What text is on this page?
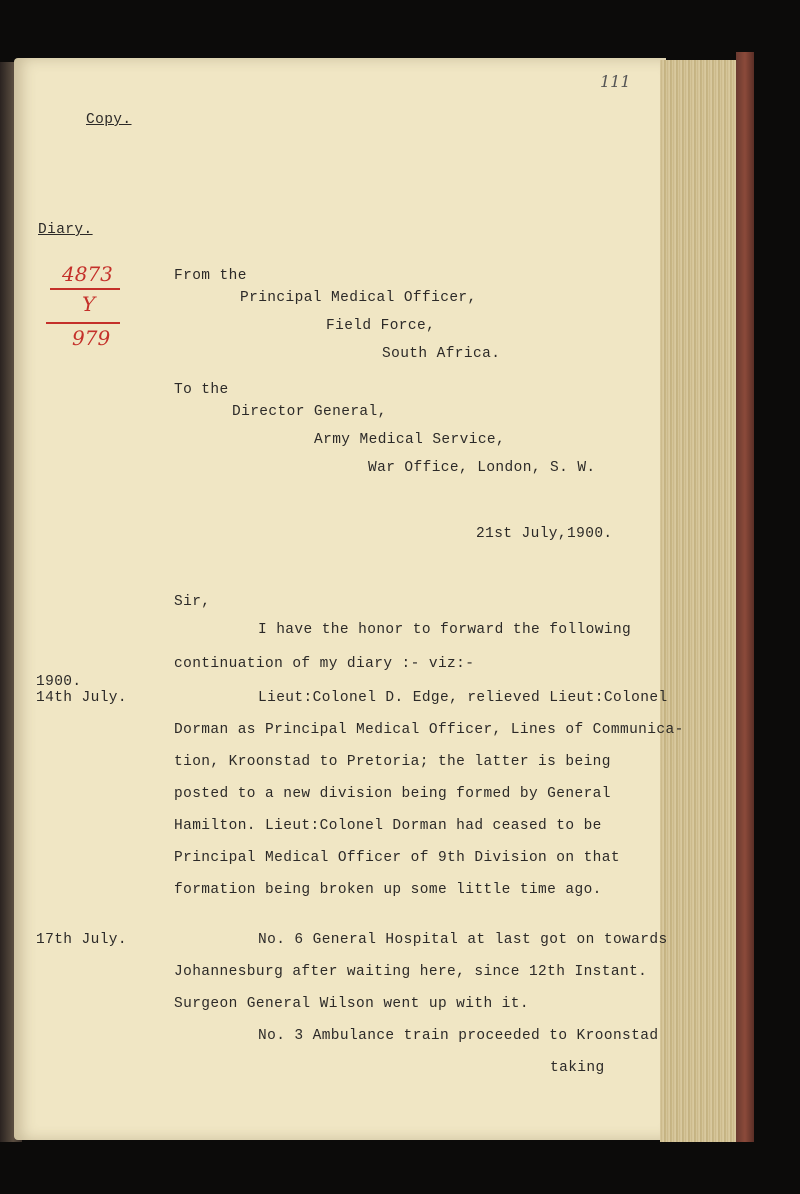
111
Copy.
Diary.
4873
Y
979
From the
Principal Medical Officer,
Field Force,
South Africa.
To the
Director General,
Army Medical Service,
War Office, London, S. W.
21st July,1900.
Sir,
I have the honor to forward the following
continuation of my diary :- viz:-
1900.
14th July.	Lieut:Colonel D. Edge, relieved Lieut:Colonel
Dorman as Principal Medical Officer, Lines of Communica-
tion, Kroonstad to Pretoria; the latter is being
posted to a new division being formed by General
Hamilton. Lieut:Colonel Dorman had ceased to be
Principal Medical Officer of 9th Division on that
formation being broken up some little time ago.
17th July.	No. 6 General Hospital at last got on towards
Johannesburg after waiting here, since 12th Instant.
Surgeon General Wilson went up with it.
No. 3 Ambulance train proceeded to Kroonstad
taking
